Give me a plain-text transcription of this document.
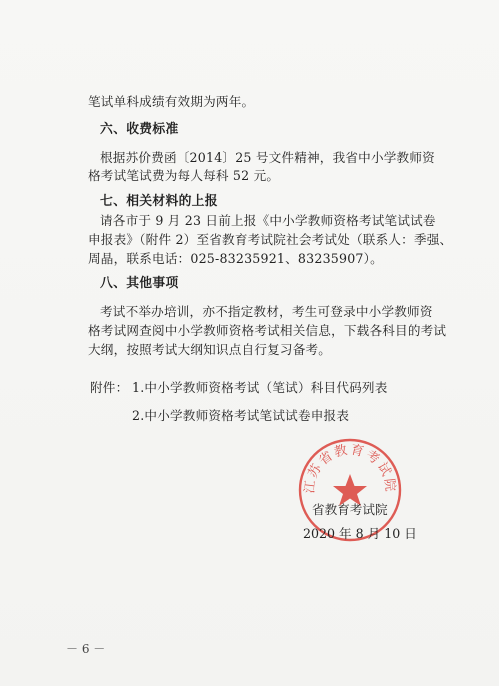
笔试单科成绩有效期为两年。
六、收费标准
根据苏价费函〔2014〕25 号文件精神，我省中小学教师资
格考试笔试费为每人每科 52 元。
七、相关材料的上报
请各市于 9 月 23 日前上报《中小学教师资格考试笔试试卷
申报表》（附件 2）至省教育考试院社会考试处（联系人：季强、
周晶，联系电话：025-83235921、83235907）。
八、其他事项
考试不举办培训，亦不指定教材，考生可登录中小学教师资
格考试网查阅中小学教师资格考试相关信息，下载各科目的考试
大纲，按照考试大纲知识点自行复习备考。
附件： 1.中小学教师资格考试（笔试）科目代码列表
2.中小学教师资格考试笔试试卷申报表
江苏省教育考试院
省教育考试院
2020 年 8 月 10 日
－ 6 －
